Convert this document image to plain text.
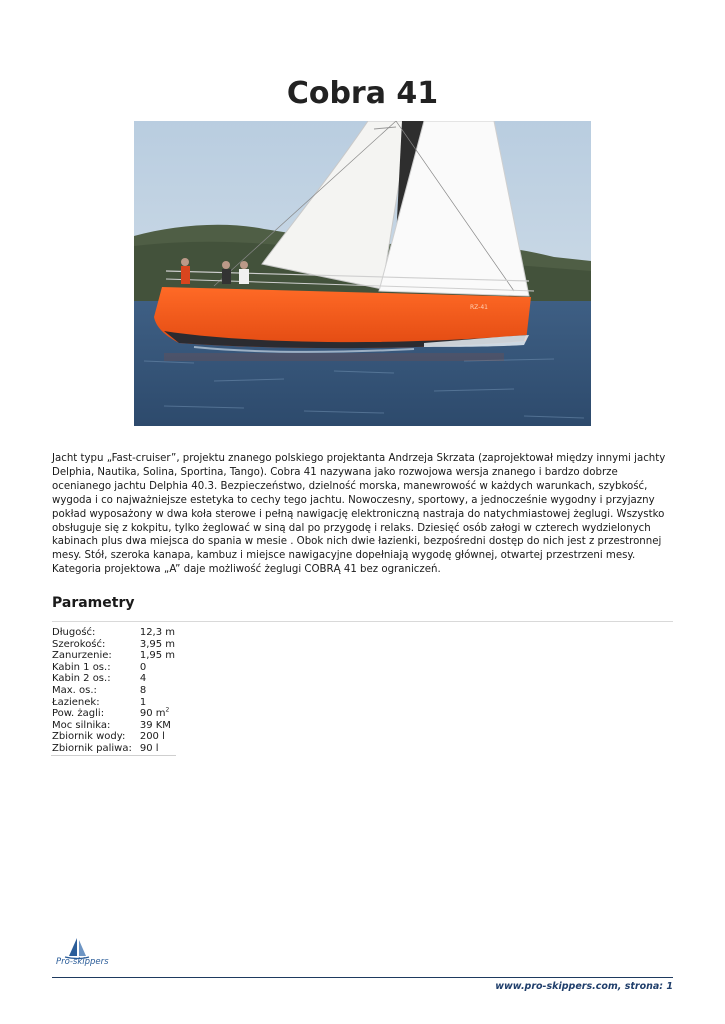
Cobra 41
RZ-41

Jacht typu „Fast-cruiser”, projektu znanego polskiego projektanta Andrzeja Skrzata (zaprojektował między innymi jachty Delphia, Nautika, Solina, Sportina, Tango). Cobra 41 nazywana jako rozwojowa wersja znanego i bardzo dobrze ocenianego jachtu Delphia 40.3. Bezpieczeństwo, dzielność morska, manewrowość w każdych warunkach, szybkość, wygoda i co najważniejsze estetyka to cechy tego jachtu. Nowoczesny, sportowy, a jednocześnie wygodny i przyjazny pokład wyposażony w dwa koła sterowe i pełną nawigację elektroniczną nastraja do natychmiastowej żeglugi. Wszystko obsługuje się z kokpitu, tylko żeglować w siną dal po przygodę i relaks. Dziesięć osób załogi w czterech wydzielonych kabinach plus dwa miejsca do spania w mesie . Obok nich dwie łazienki, bezpośredni dostęp do nich jest z przestronnej mesy. Stół, szeroka kanapa, kambuz i miejsce nawigacyjne dopełniają wygodę głównej, otwartej przestrzeni mesy. Kategoria projektowa „A” daje możliwość żeglugi COBRĄ 41 bez ograniczeń.

Parametry
Długość:	12,3 m
Szerokość:	3,95 m
Zanurzenie:	1,95 m
Kabin 1 os.:	0
Kabin 2 os.:	4
Max. os.:	8
Łazienek:	1
Pow. żagli:	90 $m^2$
Moc silnika:	39 KM
Zbiornik wody:	200 l
Zbiornik paliwa:	90 l
Pro-skippers
www.pro-skippers.com, strona: 1
